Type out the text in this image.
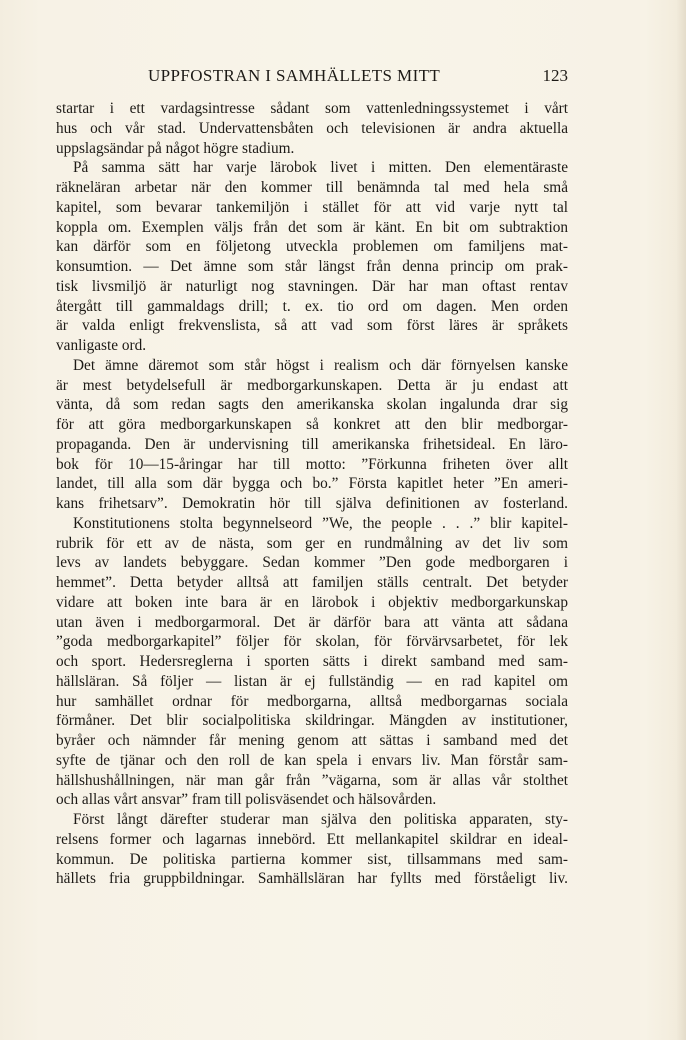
UPPFOSTRAN I SAMHÄLLETS MITT	123
startar i ett vardagsintresse sådant som vattenledningssystemet i vårt
hus och vår stad. Undervattensbåten och televisionen är andra aktuella
uppslagsändar på något högre stadium.
På samma sätt har varje lärobok livet i mitten. Den elementäraste
räkneläran arbetar när den kommer till benämnda tal med hela små
kapitel, som bevarar tankemiljön i stället för att vid varje nytt tal
koppla om. Exemplen väljs från det som är känt. En bit om subtraktion
kan därför som en följetong utveckla problemen om familjens mat-
konsumtion. — Det ämne som står längst från denna princip om prak-
tisk livsmiljö är naturligt nog stavningen. Där har man oftast rentav
återgått till gammaldags drill; t. ex. tio ord om dagen. Men orden
är valda enligt frekvenslista, så att vad som först läres är språkets
vanligaste ord.
Det ämne däremot som står högst i realism och där förnyelsen kanske
är mest betydelsefull är medborgarkunskapen. Detta är ju endast att
vänta, då som redan sagts den amerikanska skolan ingalunda drar sig
för att göra medborgarkunskapen så konkret att den blir medborgar-
propaganda. Den är undervisning till amerikanska frihetsideal. En läro-
bok för 10—15-åringar har till motto: ”Förkunna friheten över allt
landet, till alla som där bygga och bo.” Första kapitlet heter ”En ameri-
kans frihetsarv”. Demokratin hör till själva definitionen av fosterland.
Konstitutionens stolta begynnelseord ”We, the people . . .” blir kapitel-
rubrik för ett av de nästa, som ger en rundmålning av det liv som
levs av landets bebyggare. Sedan kommer ”Den gode medborgaren i
hemmet”. Detta betyder alltså att familjen ställs centralt. Det betyder
vidare att boken inte bara är en lärobok i objektiv medborgarkunskap
utan även i medborgarmoral. Det är därför bara att vänta att sådana
”goda medborgarkapitel” följer för skolan, för förvärvsarbetet, för lek
och sport. Hedersreglerna i sporten sätts i direkt samband med sam-
hällsläran. Så följer — listan är ej fullständig — en rad kapitel om
hur samhället ordnar för medborgarna, alltså medborgarnas sociala
förmåner. Det blir socialpolitiska skildringar. Mängden av institutioner,
byråer och nämnder får mening genom att sättas i samband med det
syfte de tjänar och den roll de kan spela i envars liv. Man förstår sam-
hällshushållningen, när man går från ”vägarna, som är allas vår stolthet
och allas vårt ansvar” fram till polisväsendet och hälsovården.
Först långt därefter studerar man själva den politiska apparaten, sty-
relsens former och lagarnas innebörd. Ett mellankapitel skildrar en ideal-
kommun. De politiska partierna kommer sist, tillsammans med sam-
hällets fria gruppbildningar. Samhällsläran har fyllts med förståeligt liv.
